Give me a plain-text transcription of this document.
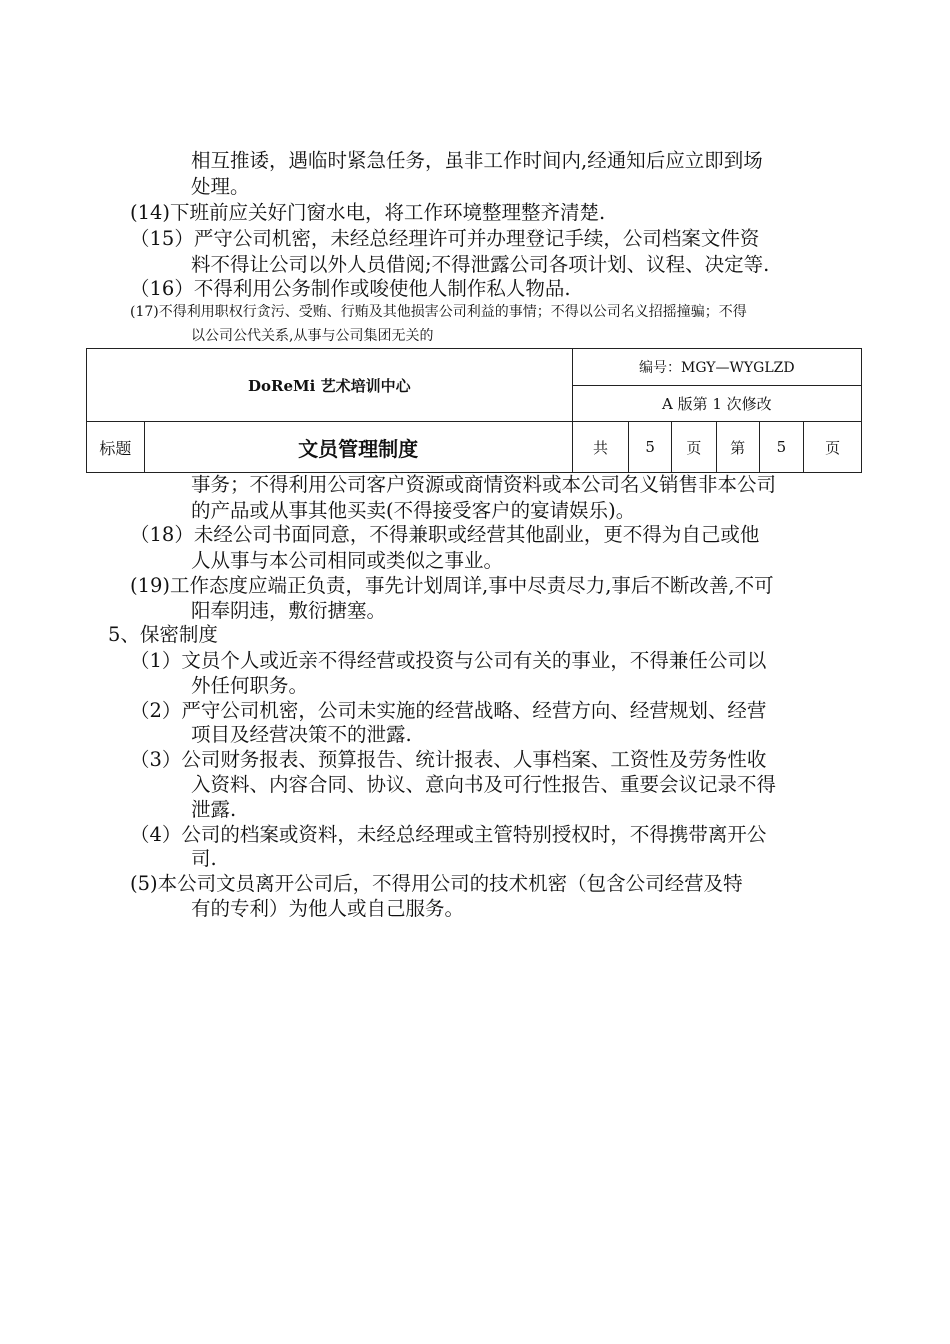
相互推诿，遇临时紧急任务，虽非工作时间内,经通知后应立即到场
处理。
(14)下班前应关好门窗水电，将工作环境整理整齐清楚.
（15）严守公司机密，未经总经理许可并办理登记手续，公司档案文件资
料不得让公司以外人员借阅;不得泄露公司各项计划、议程、决定等.
（16）不得利用公务制作或唆使他人制作私人物品.
(17)不得利用职权行贪污、受贿、行贿及其他损害公司利益的事情；不得以公司名义招摇撞骗；不得
以公司公代关系,从事与公司集团无关的
DoReMi 艺术培训中心		编号：MGY—WYGLZD					
		A 版第 1 次修改					
标题	文员管理制度	共	5	页	第	5	页
事务；不得利用公司客户资源或商情资料或本公司名义销售非本公司
的产品或从事其他买卖(不得接受客户的宴请娱乐)。
（18）未经公司书面同意，不得兼职或经营其他副业，更不得为自己或他
人从事与本公司相同或类似之事业。
(19)工作态度应端正负责，事先计划周详,事中尽责尽力,事后不断改善,不可
阳奉阴违，敷衍搪塞。
5、保密制度
（1）文员个人或近亲不得经营或投资与公司有关的事业，不得兼任公司以
外任何职务。
（2）严守公司机密，公司未实施的经营战略、经营方向、经营规划、经营
项目及经营决策不的泄露.
（3）公司财务报表、预算报告、统计报表、人事档案、工资性及劳务性收
入资料、内容合同、协议、意向书及可行性报告、重要会议记录不得
泄露.
（4）公司的档案或资料，未经总经理或主管特别授权时，不得携带离开公
司.
(5)本公司文员离开公司后，不得用公司的技术机密（包含公司经营及特
有的专利）为他人或自己服务。
